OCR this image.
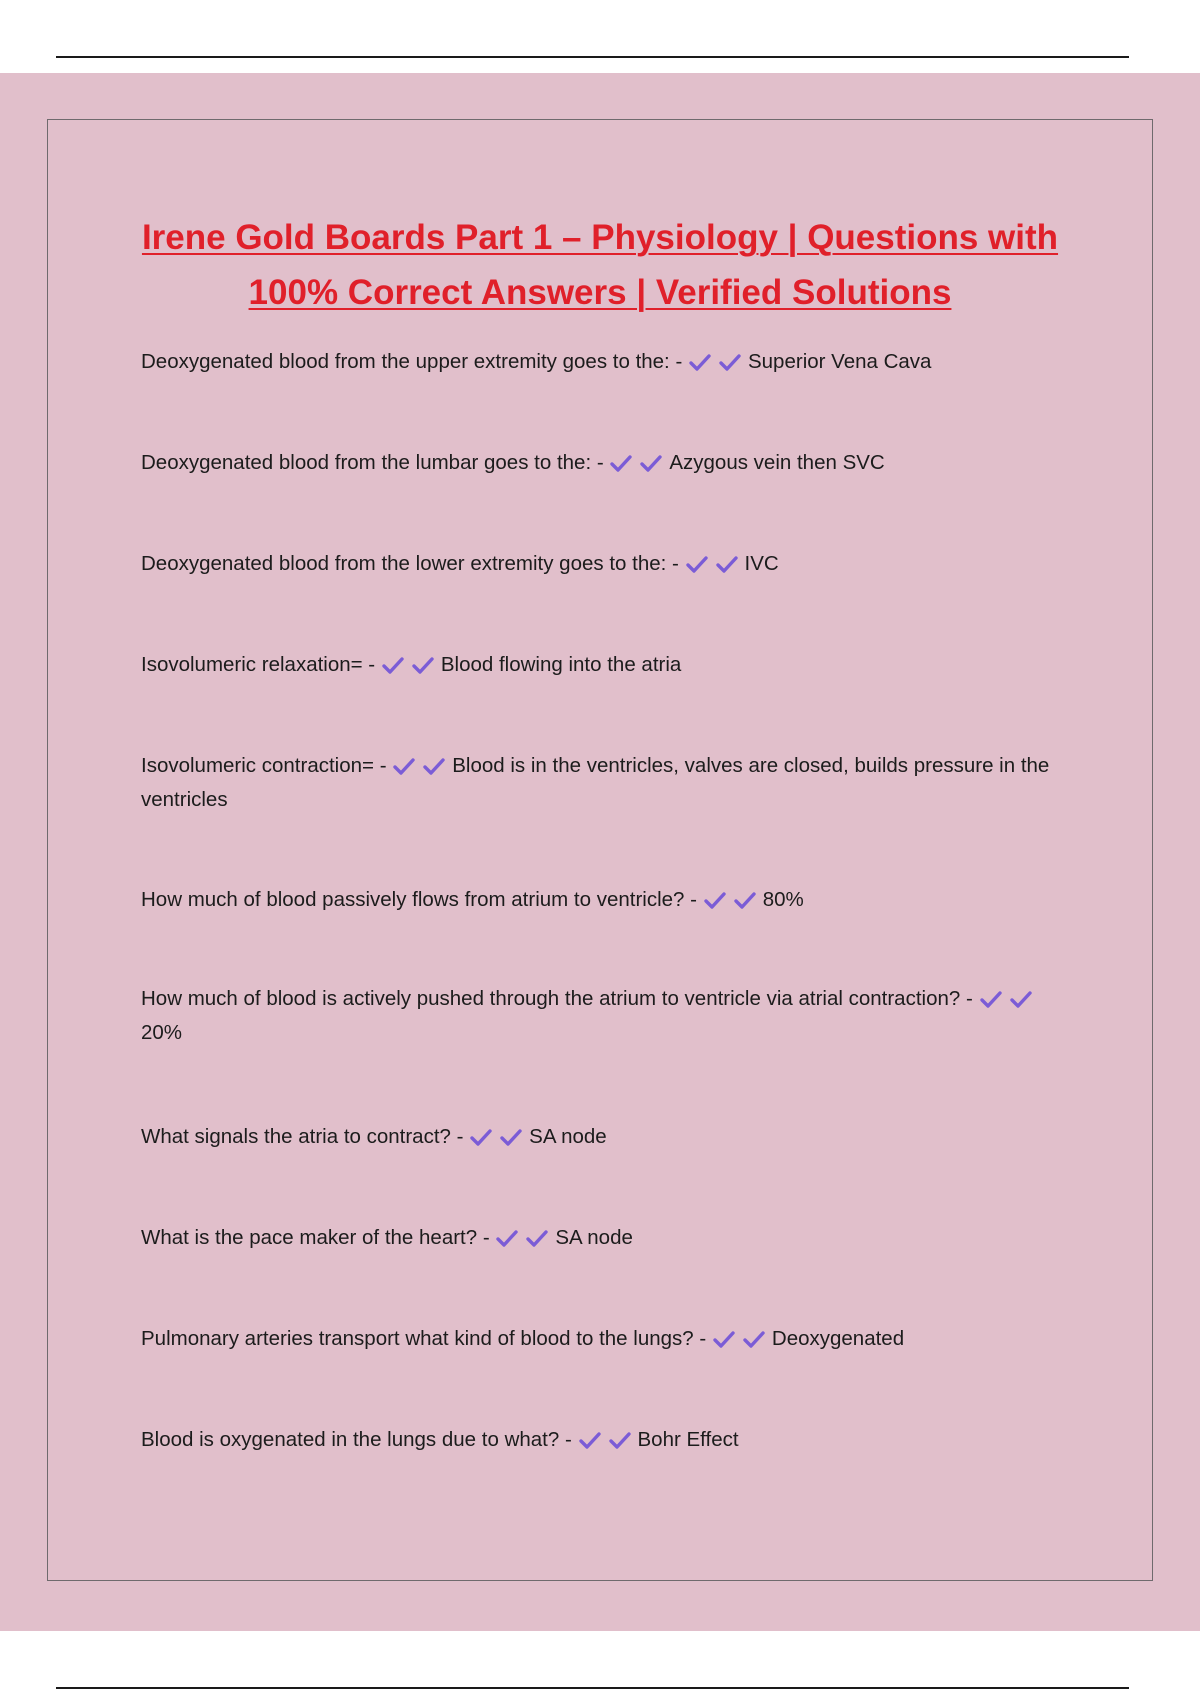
Irene Gold Boards Part 1 – Physiology | Questions with 100% Correct Answers | Verified Solutions
Deoxygenated blood from the upper extremity goes to the: -	Superior Vena Cava
Deoxygenated blood from the lumbar goes to the: -	Azygous vein then SVC
Deoxygenated blood from the lower extremity goes to the: -	IVC
Isovolumeric relaxation= -	Blood flowing into the atria
Isovolumeric contraction= -	Blood is in the ventricles, valves are closed, builds pressure in the ventricles
How much of blood passively flows from atrium to ventricle? -	80%
How much of blood is actively pushed through the atrium to ventricle via atrial contraction? -
20%
What signals the atria to contract? -	SA node
What is the pace maker of the heart? -	SA node
Pulmonary arteries transport what kind of blood to the lungs? -	Deoxygenated
Blood is oxygenated in the lungs due to what? -	Bohr Effect
